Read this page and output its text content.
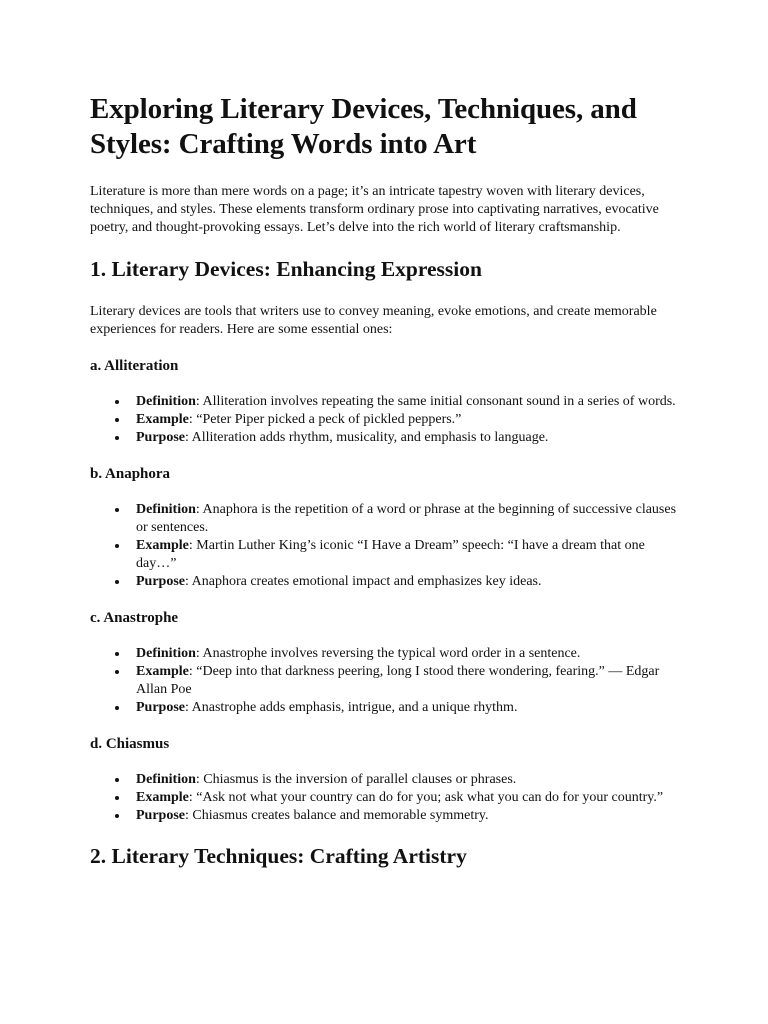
Exploring Literary Devices, Techniques, and Styles: Crafting Words into Art

Literature is more than mere words on a page; it’s an intricate tapestry woven with literary devices, techniques, and styles. These elements transform ordinary prose into captivating narratives, evocative poetry, and thought-provoking essays. Let’s delve into the rich world of literary craftsmanship.

1. Literary Devices: Enhancing Expression

Literary devices are tools that writers use to convey meaning, evoke emotions, and create memorable experiences for readers. Here are some essential ones:

a. Alliteration
Definition: Alliteration involves repeating the same initial consonant sound in a series of words.
Example: “Peter Piper picked a peck of pickled peppers.”
Purpose: Alliteration adds rhythm, musicality, and emphasis to language.
b. Anaphora
Definition: Anaphora is the repetition of a word or phrase at the beginning of successive clauses or sentences.
Example: Martin Luther King’s iconic “I Have a Dream” speech: “I have a dream that one day…”
Purpose: Anaphora creates emotional impact and emphasizes key ideas.
c. Anastrophe
Definition: Anastrophe involves reversing the typical word order in a sentence.
Example: “Deep into that darkness peering, long I stood there wondering, fearing.” — Edgar Allan Poe
Purpose: Anastrophe adds emphasis, intrigue, and a unique rhythm.
d. Chiasmus
Definition: Chiasmus is the inversion of parallel clauses or phrases.
Example: “Ask not what your country can do for you; ask what you can do for your country.”
Purpose: Chiasmus creates balance and memorable symmetry.
2. Literary Techniques: Crafting Artistry
